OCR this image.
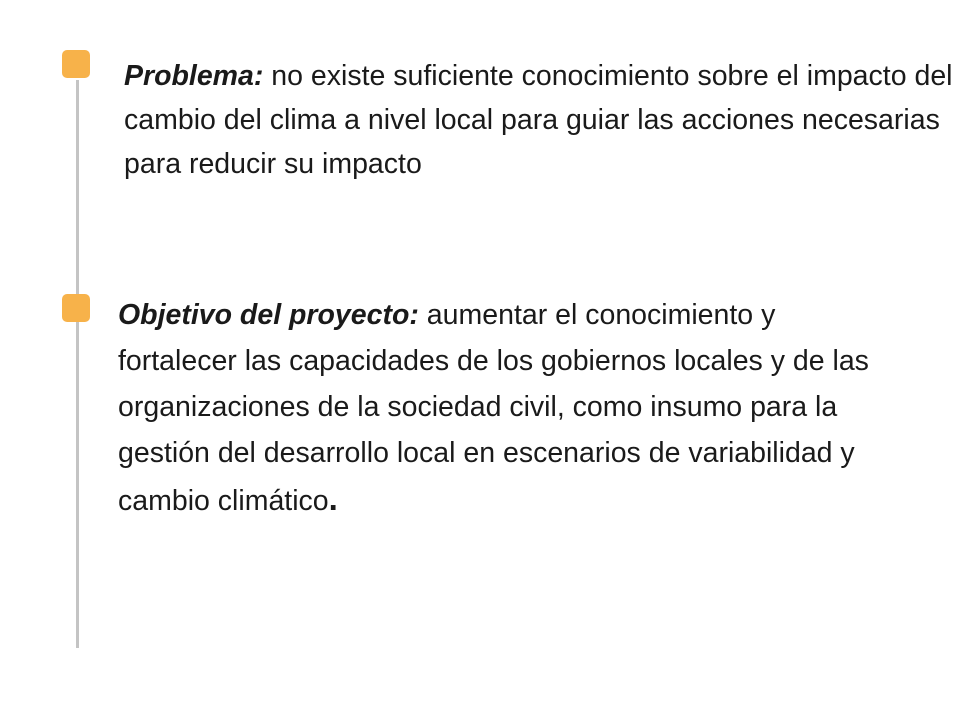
Problema: no existe suficiente conocimiento sobre el impacto del cambio del clima a nivel local para guiar las acciones necesarias para reducir su impacto
Objetivo del proyecto: aumentar el conocimiento y fortalecer las capacidades de los gobiernos locales y de las organizaciones de la sociedad civil, como insumo para la gestión del desarrollo local en escenarios de variabilidad y cambio climático.
